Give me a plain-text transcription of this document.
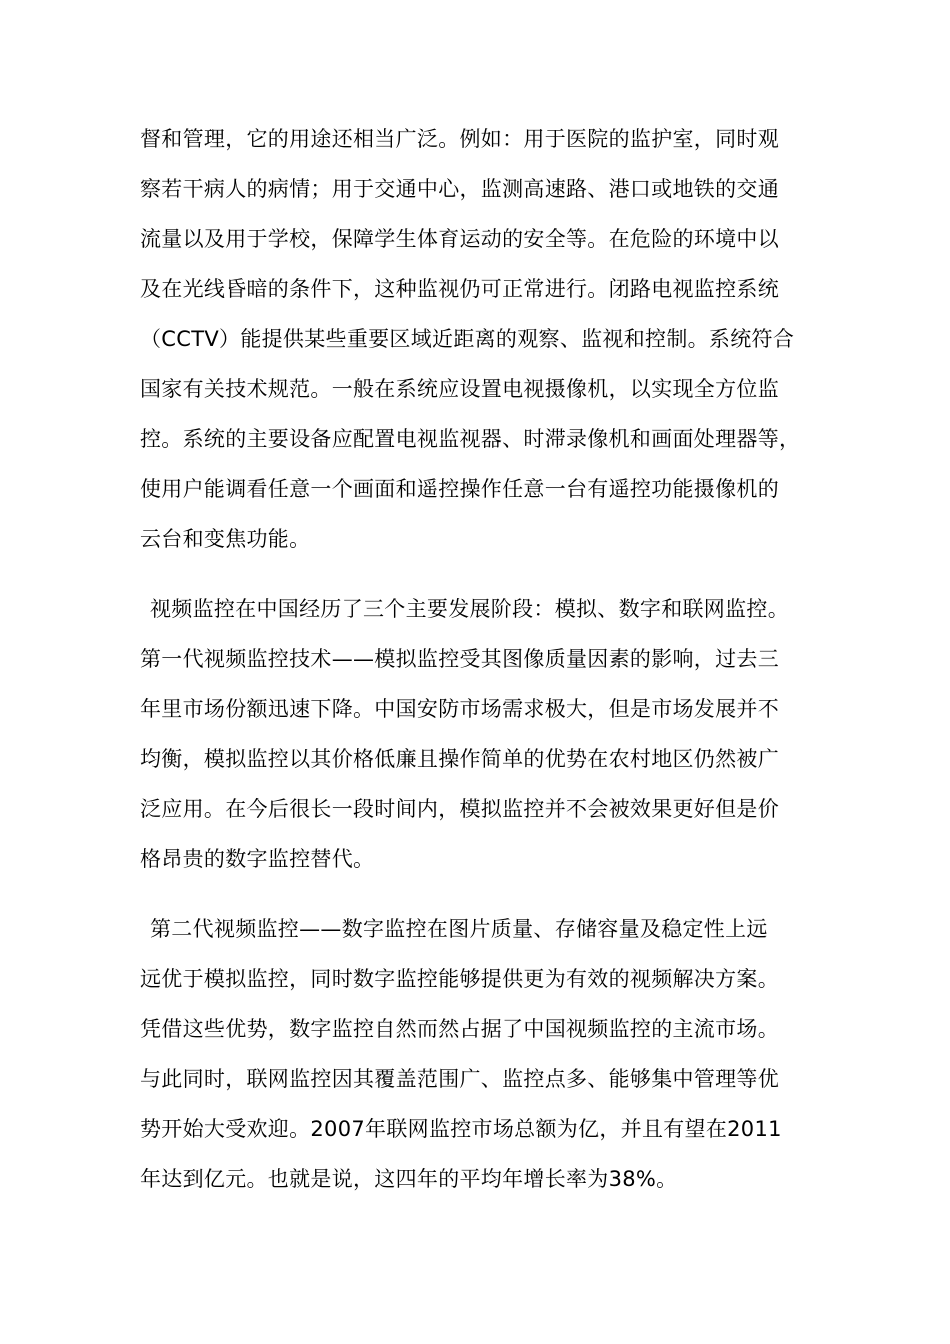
督和管理，它的用途还相当广泛。例如：用于医院的监护室，同时观
察若干病人的病情；用于交通中心，监测高速路、港口或地铁的交通
流量以及用于学校，保障学生体育运动的安全等。在危险的环境中以
及在光线昏暗的条件下，这种监视仍可正常进行。闭路电视监控系统
（CCTV）能提供某些重要区域近距离的观察、监视和控制。系统符合
国家有关技术规范。一般在系统应设置电视摄像机，以实现全方位监
控。系统的主要设备应配置电视监视器、时滞录像机和画面处理器等，
使用户能调看任意一个画面和遥控操作任意一台有遥控功能摄像机的
云台和变焦功能。
视频监控在中国经历了三个主要发展阶段：模拟、数字和联网监控。
第一代视频监控技术——模拟监控受其图像质量因素的影响，过去三
年里市场份额迅速下降。中国安防市场需求极大，但是市场发展并不
均衡，模拟监控以其价格低廉且操作简单的优势在农村地区仍然被广
泛应用。在今后很长一段时间内，模拟监控并不会被效果更好但是价
格昂贵的数字监控替代。
第二代视频监控——数字监控在图片质量、存储容量及稳定性上远
远优于模拟监控，同时数字监控能够提供更为有效的视频解决方案。
凭借这些优势，数字监控自然而然占据了中国视频监控的主流市场。
与此同时，联网监控因其覆盖范围广、监控点多、能够集中管理等优
势开始大受欢迎。2007年联网监控市场总额为亿，并且有望在2011
年达到亿元。也就是说，这四年的平均年增长率为38%。
